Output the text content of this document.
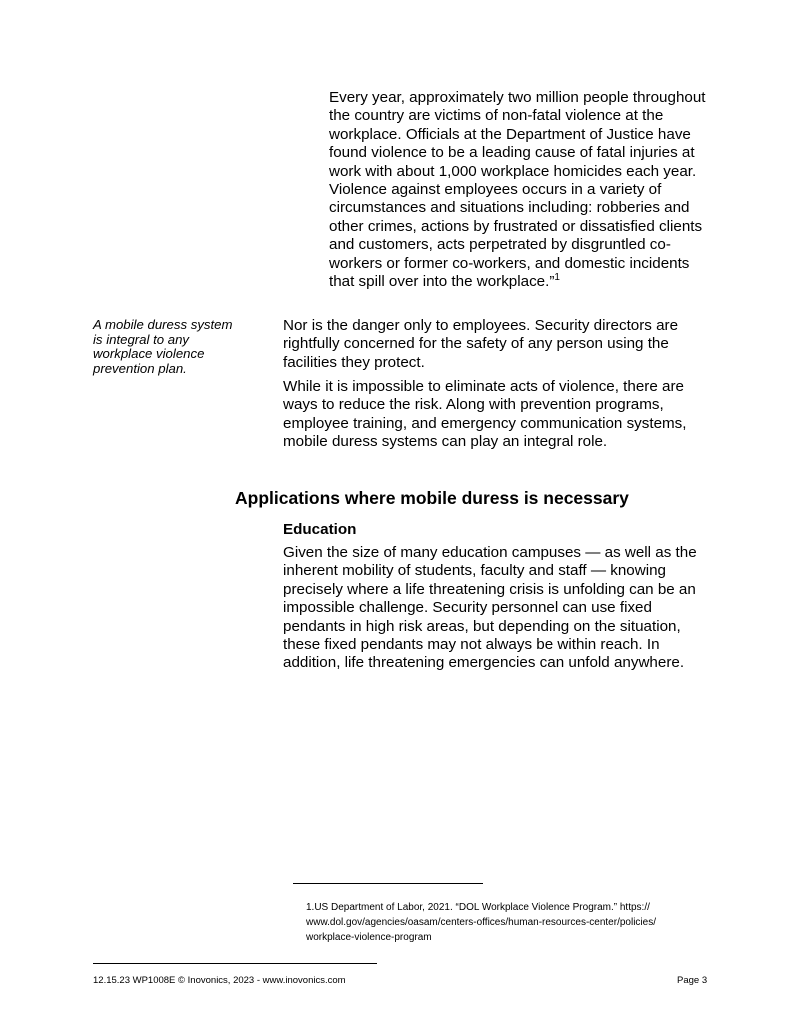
Every year, approximately two million people throughout the country are victims of non-fatal violence at the workplace. Officials at the Department of Justice have found violence to be a leading cause of fatal injuries at work with about 1,000 workplace homicides each year. Violence against employees occurs in a variety of circumstances and situations including: robberies and other crimes, actions by frustrated or dissatisfied clients and customers, acts perpetrated by disgruntled co-workers or former co-workers, and domestic incidents that spill over into the workplace.”$^1$
A mobile duress system is integral to any workplace violence prevention plan.

Nor is the danger only to employees. Security directors are rightfully concerned for the safety of any person using the facilities they protect.

While it is impossible to eliminate acts of violence, there are ways to reduce the risk. Along with prevention programs, employee training, and emergency communication systems, mobile duress systems can play an integral role.

Applications where mobile duress is necessary
Education

Given the size of many education campuses — as well as the inherent mobility of students, faculty and staff — knowing precisely where a life threatening crisis is unfolding can be an impossible challenge. Security personnel can use fixed pendants in high risk areas, but depending on the situation, these fixed pendants may not always be within reach. In addition, life threatening emergencies can unfold anywhere.

1.US Department of Labor, 2021. “DOL Workplace Violence Program.” https://
www.dol.gov/agencies/oasam/centers-offices/human-resources-center/policies/
workplace-violence-program

12.15.23 WP1008E © Inovonics, 2023 - www.inovonics.com	Page 3
